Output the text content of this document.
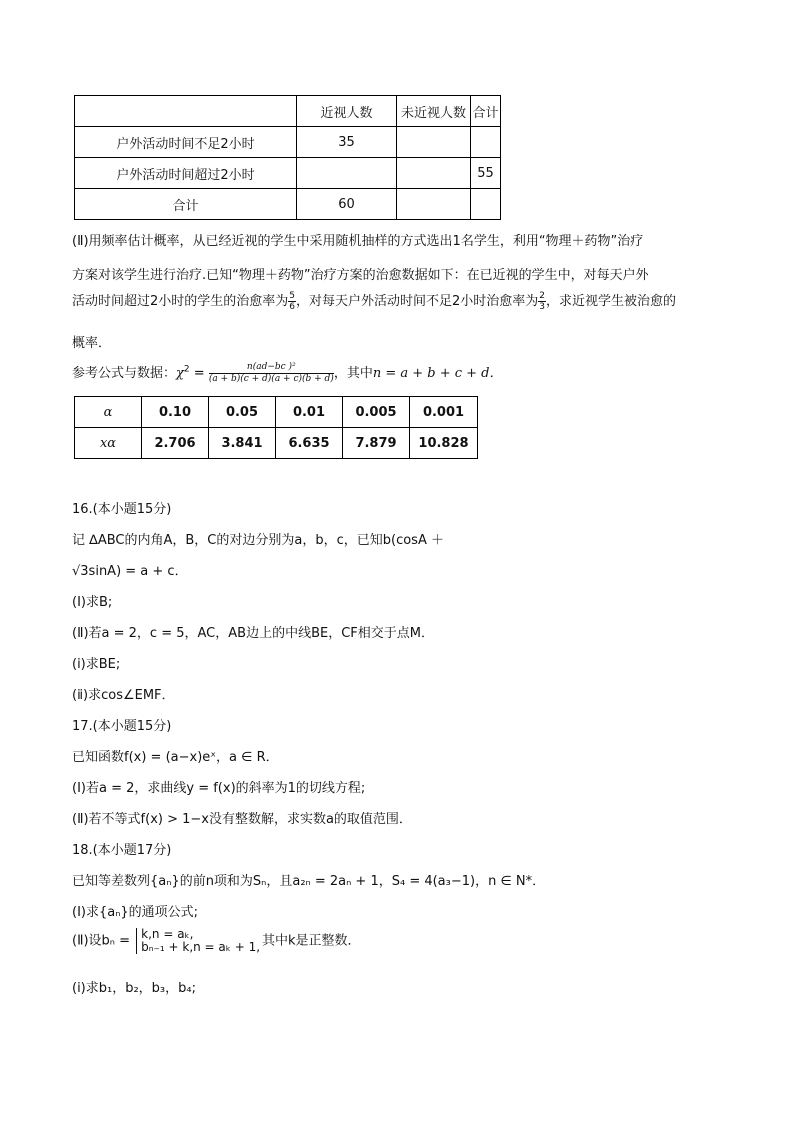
	近视人数	未近视人数	合计
户外活动时间不足2小时	35		
户外活动时间超过2小时			55
合计	60		
(Ⅱ)用频率估计概率，从已经近视的学生中采用随机抽样的方式选出1名学生，利用“物理＋药物”治疗
方案对该学生进行治疗.已知“物理＋药物”治疗方案的治愈数据如下：在已近视的学生中，对每天户外
活动时间超过2小时的学生的治愈率为 $\frac{5}{6}$ ，对每天户外活动时间不足2小时治愈率为 $\frac{2}{3}$ ，求近视学生被治愈的
概率．
参考公式与数据：$\chi^2 = \frac{\text{n(ad−bc )²}}{(a + b)(c + d)(a + c)(b + d)}$，其中n = a + b + c + d．
α	0.10	0.05	0.01	0.005	0.001
xα	2.706	3.841	6.635	7.879	10.828
16.(本小题15分)
记 ∆ABC的内角A，B，C的对边分别为a，b，c，已知b(cosA ＋
√3sinA) = a + c．
(Ⅰ)求B;
(Ⅱ)若a = 2，c = 5，AC，AB边上的中线BE，CF相交于点M．
(ⅰ)求BE;
(ⅱ)求cos∠EMF．
17.(本小题15分)
已知函数f(x) = (a−x)eˣ，a ∈ R．
(Ⅰ)若a = 2，求曲线y = f(x)的斜率为1的切线方程;
(Ⅱ)若不等式f(x) > 1−x没有整数解，求实数a的取值范围．
18.(本小题17分)
已知等差数列{aₙ}的前n项和为Sₙ，且a₂ₙ = 2aₙ + 1，S₄ = 4(a₃−1)，n ∈ N*．
(Ⅰ)求{aₙ}的通项公式;
(Ⅱ)设bₙ = k,n = aₖ,
bₙ₋₁ + k,n = aₖ + 1, 其中k是正整数．
(ⅰ)求b₁，b₂，b₃，b₄;
